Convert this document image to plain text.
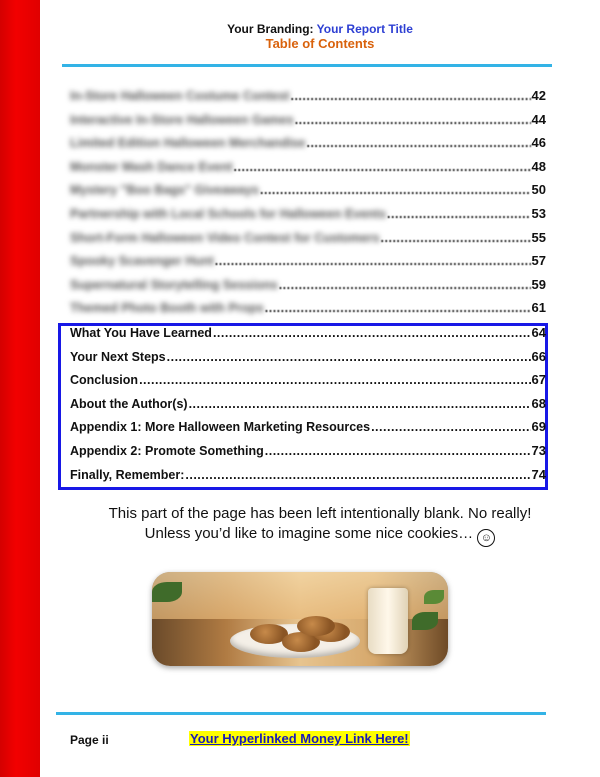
Your Branding: Your Report Title
Table of Contents
In-Store Halloween Costume Contest .....	42
Interactive In-Store Halloween Games .....	44
Limited Edition Halloween Merchandise .....	46
Monster Mash Dance Event .....	48
Mystery "Boo Bags" Giveaways .....	50
Partnership with Local Schools for Halloween Events .....	53
Short-Form Halloween Video Contest for Customers .....	55
Spooky Scavenger Hunt .....	57
Supernatural Storytelling Sessions .....	59
Themed Photo Booth with Props .....	61
What You Have Learned .....	64
Your Next Steps .....	66
Conclusion .....	67
About the Author(s) .....	68
Appendix 1: More Halloween Marketing Resources .....	69
Appendix 2: Promote Something .....	73
Finally, Remember: .....	74
This part of the page has been left intentionally blank. No really!
Unless you’d like to imagine some nice cookies… ☺
Page ii	Your Hyperlinked Money Link Here!
